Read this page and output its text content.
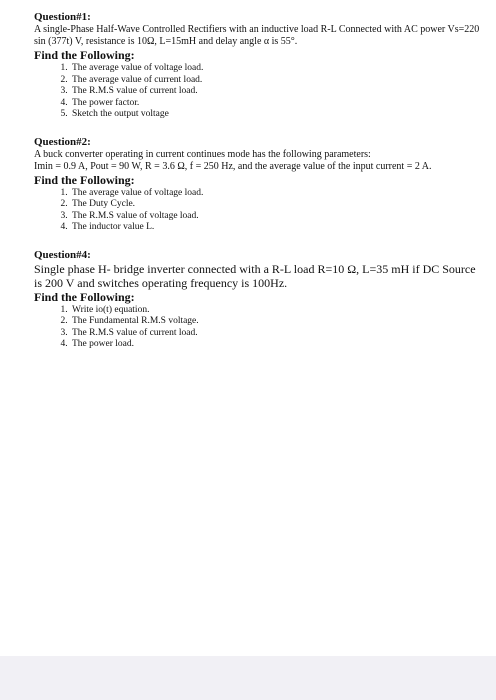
Question#1:

A single-Phase Half-Wave Controlled Rectifiers with an inductive load R-L Connected with AC power Vs=220 sin (377t) V, resistance is 10Ω, L=15mH and delay angle α is 55°.

Find the Following:

1. The average value of voltage load.
2. The average value of current load.
3. The R.M.S value of current load.
4. The power factor.
5. Sketch the output voltage

Question#2:

A buck converter operating in current continues mode has the following parameters:

Imin = 0.9 A, Pout = 90 W, R = 3.6 Ω, f = 250 Hz, and the average value of the input current = 2 A.

Find the Following:

1. The average value of voltage load.
2. The Duty Cycle.
3. The R.M.S value of voltage load.
4. The inductor value L.

Question#4:

Single phase H- bridge inverter connected with a R-L load R=10 Ω, L=35 mH if DC Source is 200 V and switches operating frequency is 100Hz.

Find the Following:

1. Write io(t) equation.
2. The Fundamental R.M.S voltage.
3. The R.M.S value of current load.
4. The power load.
